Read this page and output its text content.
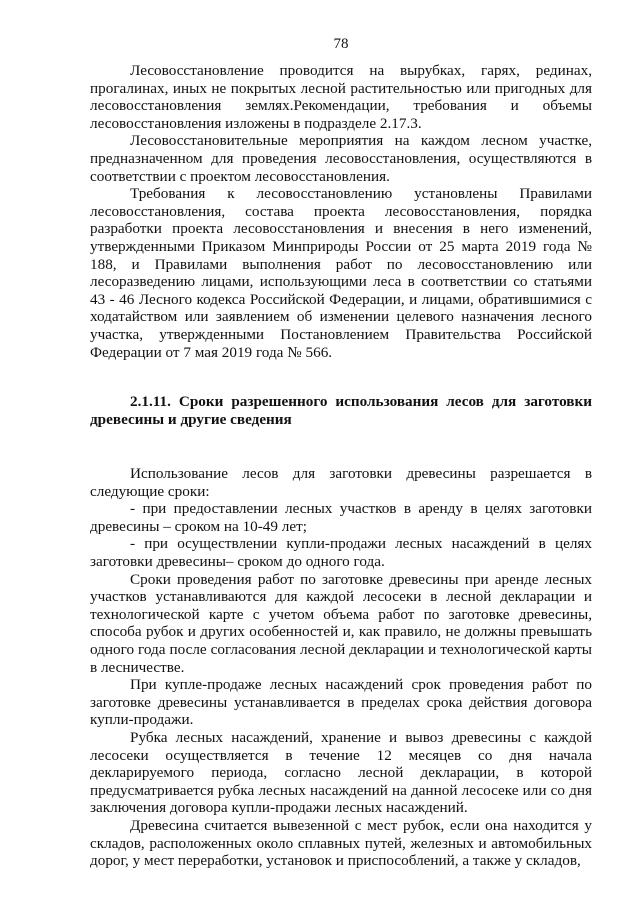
78

Лесовосстановление проводится на вырубках, гарях, рединах, прогалинах, иных не покрытых лесной растительностью или пригодных для лесовосстановления землях.Рекомендации, требования и объемы лесовосстановления изложены в подразделе 2.17.3.

Лесовосстановительные мероприятия на каждом лесном участке, предназначенном для проведения лесовосстановления, осуществляются в соответствии с проектом лесовосстановления.

Требования к лесовосстановлению установлены Правилами лесовосстановления, состава проекта лесовосстановления, порядка разработки проекта лесовосстановления и внесения в него изменений, утвержденными Приказом Минприроды России от 25 марта 2019 года № 188, и Правилами выполнения работ по лесовосстановлению или лесоразведению лицами, использующими леса в соответствии со статьями 43 - 46 Лесного кодекса Российской Федерации, и лицами, обратившимися с ходатайством или заявлением об изменении целевого назначения лесного участка, утвержденными Постановлением Правительства Российской Федерации от 7 мая 2019 года № 566.

2.1.11. Сроки разрешенного использования лесов для заготовки древесины и другие сведения

Использование лесов для заготовки древесины разрешается в следующие сроки:

- при предоставлении лесных участков в аренду в целях заготовки древесины – сроком на 10-49 лет;

- при осуществлении купли-продажи лесных насаждений в целях заготовки древесины– сроком до одного года.

Сроки проведения работ по заготовке древесины при аренде лесных участков устанавливаются для каждой лесосеки в лесной декларации и технологической карте с учетом объема работ по заготовке древесины, способа рубок и других особенностей и, как правило, не должны превышать одного года после согласования лесной декларации и технологической карты в лесничестве.

При купле-продаже лесных насаждений срок проведения работ по заготовке древесины устанавливается в пределах срока действия договора купли-продажи.

Рубка лесных насаждений, хранение и вывоз древесины с каждой лесосеки осуществляется в течение 12 месяцев со дня начала декларируемого периода, согласно лесной декларации, в которой предусматривается рубка лесных насаждений на данной лесосеке или со дня заключения договора купли-продажи лесных насаждений.

Древесина считается вывезенной с мест рубок, если она находится у складов, расположенных около сплавных путей, железных и автомобильных дорог, у мест переработки, установок и приспособлений, а также у складов,
